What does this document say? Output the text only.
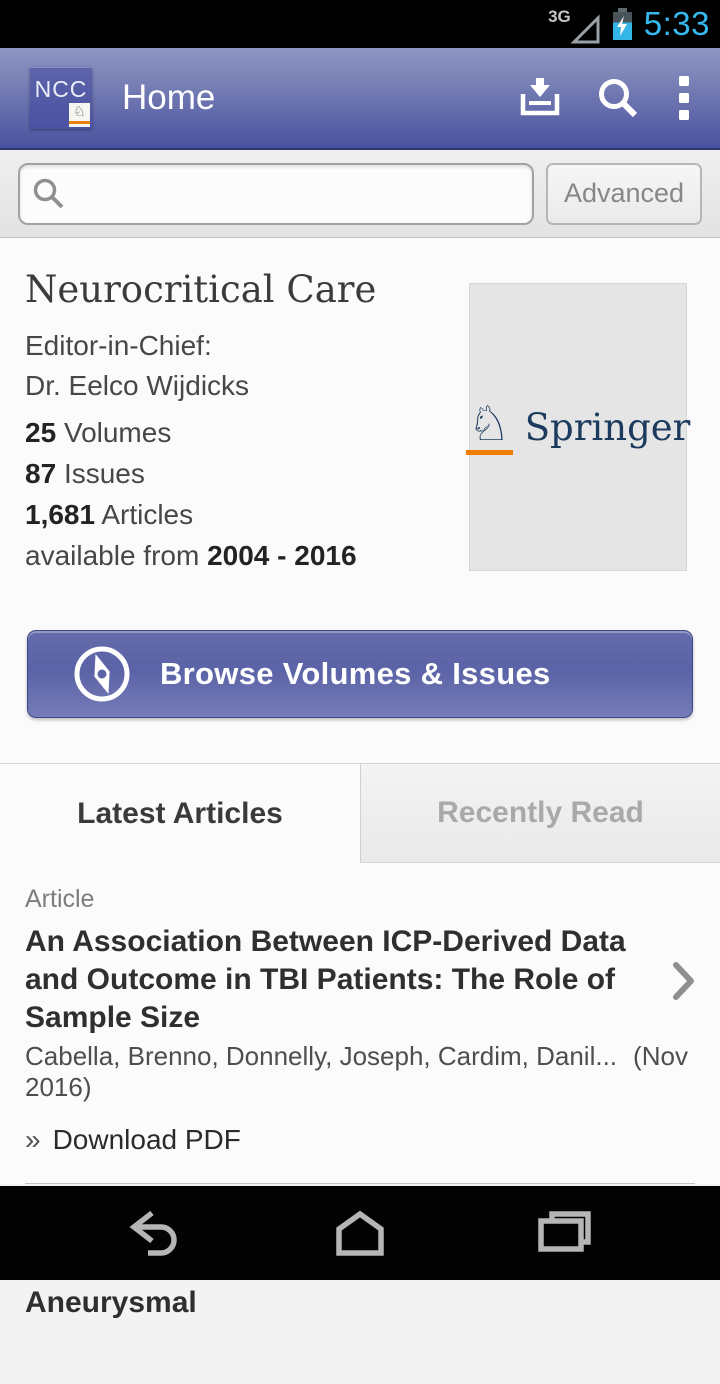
3G 5:33
NCC
♘ Home
Advanced
Neurocritical Care
Editor-in-Chief:
Dr. Eelco Wijdicks
25 Volumes
87 Issues
1,681 Articles
available from 2004 - 2016
♘ Springer
Browse Volumes & Issues
Latest Articles	Recently Read
Article
An Association Between ICP-Derived Data and Outcome in TBI Patients: The Role of Sample Size
Cabella, Brenno, Donnelly, Joseph, Cardim, Danil... (Nov 2016)
» Download PDF
Aneurysmal
